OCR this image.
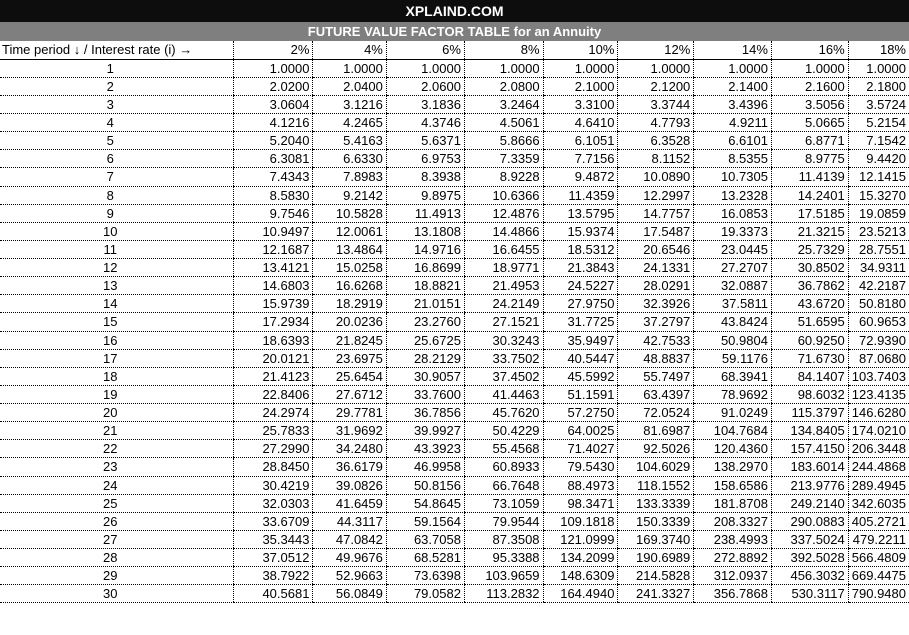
XPLAIND.COM
FUTURE VALUE FACTOR TABLE for an Annuity
Time period ↓ / Interest rate (i) →	2%	4%	6%	8%	10%	12%	14%	16%	18%
1	1.0000	1.0000	1.0000	1.0000	1.0000	1.0000	1.0000	1.0000	1.0000
2	2.0200	2.0400	2.0600	2.0800	2.1000	2.1200	2.1400	2.1600	2.1800
3	3.0604	3.1216	3.1836	3.2464	3.3100	3.3744	3.4396	3.5056	3.5724
4	4.1216	4.2465	4.3746	4.5061	4.6410	4.7793	4.9211	5.0665	5.2154
5	5.2040	5.4163	5.6371	5.8666	6.1051	6.3528	6.6101	6.8771	7.1542
6	6.3081	6.6330	6.9753	7.3359	7.7156	8.1152	8.5355	8.9775	9.4420
7	7.4343	7.8983	8.3938	8.9228	9.4872	10.0890	10.7305	11.4139	12.1415
8	8.5830	9.2142	9.8975	10.6366	11.4359	12.2997	13.2328	14.2401	15.3270
9	9.7546	10.5828	11.4913	12.4876	13.5795	14.7757	16.0853	17.5185	19.0859
10	10.9497	12.0061	13.1808	14.4866	15.9374	17.5487	19.3373	21.3215	23.5213
11	12.1687	13.4864	14.9716	16.6455	18.5312	20.6546	23.0445	25.7329	28.7551
12	13.4121	15.0258	16.8699	18.9771	21.3843	24.1331	27.2707	30.8502	34.9311
13	14.6803	16.6268	18.8821	21.4953	24.5227	28.0291	32.0887	36.7862	42.2187
14	15.9739	18.2919	21.0151	24.2149	27.9750	32.3926	37.5811	43.6720	50.8180
15	17.2934	20.0236	23.2760	27.1521	31.7725	37.2797	43.8424	51.6595	60.9653
16	18.6393	21.8245	25.6725	30.3243	35.9497	42.7533	50.9804	60.9250	72.9390
17	20.0121	23.6975	28.2129	33.7502	40.5447	48.8837	59.1176	71.6730	87.0680
18	21.4123	25.6454	30.9057	37.4502	45.5992	55.7497	68.3941	84.1407	103.7403
19	22.8406	27.6712	33.7600	41.4463	51.1591	63.4397	78.9692	98.6032	123.4135
20	24.2974	29.7781	36.7856	45.7620	57.2750	72.0524	91.0249	115.3797	146.6280
21	25.7833	31.9692	39.9927	50.4229	64.0025	81.6987	104.7684	134.8405	174.0210
22	27.2990	34.2480	43.3923	55.4568	71.4027	92.5026	120.4360	157.4150	206.3448
23	28.8450	36.6179	46.9958	60.8933	79.5430	104.6029	138.2970	183.6014	244.4868
24	30.4219	39.0826	50.8156	66.7648	88.4973	118.1552	158.6586	213.9776	289.4945
25	32.0303	41.6459	54.8645	73.1059	98.3471	133.3339	181.8708	249.2140	342.6035
26	33.6709	44.3117	59.1564	79.9544	109.1818	150.3339	208.3327	290.0883	405.2721
27	35.3443	47.0842	63.7058	87.3508	121.0999	169.3740	238.4993	337.5024	479.2211
28	37.0512	49.9676	68.5281	95.3388	134.2099	190.6989	272.8892	392.5028	566.4809
29	38.7922	52.9663	73.6398	103.9659	148.6309	214.5828	312.0937	456.3032	669.4475
30	40.5681	56.0849	79.0582	113.2832	164.4940	241.3327	356.7868	530.3117	790.9480
